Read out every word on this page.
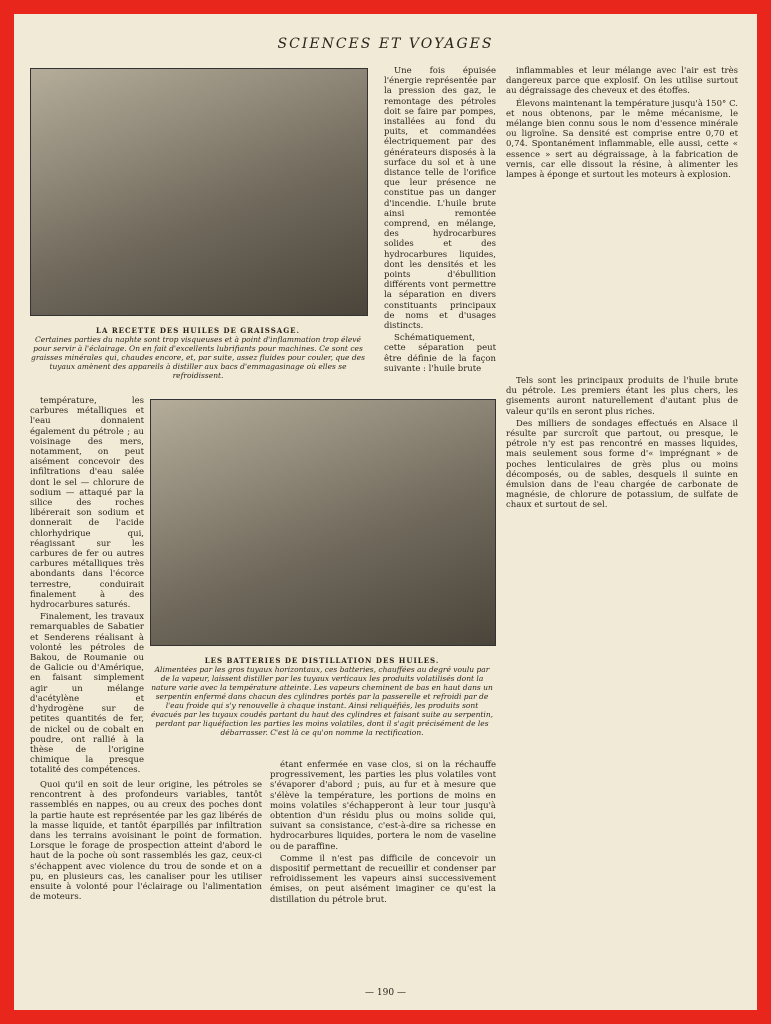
SCIENCES ET VOYAGES
LA RECETTE DES HUILES DE GRAISSAGE.
Certaines parties du naphte sont trop visqueuses et à point d'inflammation trop élevé pour servir à l'éclairage. On en fait d'excellents lubrifiants pour machines. Ce sont ces graisses minérales qui, chaudes encore, et, par suite, assez fluides pour couler, que des tuyaux amènent des appareils à distiller aux bacs d'emmagasinage où elles se refroidissent.

Une fois épuisée l'énergie représentée par la pression des gaz, le remontage des pétroles doit se faire par pompes, installées au fond du puits, et commandées électriquement par des générateurs disposés à la surface du sol et à une distance telle de l'orifice que leur présence ne constitue pas un danger d'incendie. L'huile brute ainsi remontée comprend, en mélange, des hydrocarbures solides et des hydrocarbures liquides, dont les densités et les points d'ébullition différents vont permettre la séparation en divers constituants principaux de noms et d'usages distincts.

Schématiquement, cette séparation peut être définie de la façon suivante : l'huile brute

inflammables et leur mélange avec l'air est très dangereux parce que explosif. On les utilise surtout au dégraissage des cheveux et des étoffes.

Élevons maintenant la température jusqu'à 150° C. et nous obtenons, par le même mécanisme, le mélange bien connu sous le nom d'essence minérale ou ligroïne. Sa densité est comprise entre 0,70 et 0,74. Spontanément inflammable, elle aussi, cette « essence » sert au dégraissage, à la fabrication de vernis, car elle dissout la résine, à alimenter les lampes à éponge et surtout les moteurs à explosion.

température, les carbures métalliques et l'eau donnaient également du pétrole ; au voisinage des mers, notamment, on peut aisément concevoir des infiltrations d'eau salée dont le sel — chlorure de sodium — attaqué par la silice des roches libérerait son sodium et donnerait de l'acide chlorhydrique qui, réagissant sur les carbures de fer ou autres carbures métalliques très abondants dans l'écorce terrestre, conduirait finalement à des hydrocarbures saturés.

Finalement, les travaux remarquables de Sabatier et Senderens réalisant à volonté les pétroles de Bakou, de Roumanie ou de Galicie ou d'Amérique, en faisant simplement agir un mélange d'acétylène et d'hydrogène sur de petites quantités de fer, de nickel ou de cobalt en poudre, ont rallié à la thèse de l'origine chimique la presque totalité des compétences.

LES BATTERIES DE DISTILLATION DES HUILES.
Alimentées par les gros tuyaux horizontaux, ces batteries, chauffées au degré voulu par de la vapeur, laissent distiller par les tuyaux verticaux les produits volatilisés dont la nature varie avec la température atteinte. Les vapeurs cheminent de bas en haut dans un serpentin enfermé dans chacun des cylindres portés par la passerelle et refroidi par de l'eau froide qui s'y renouvelle à chaque instant. Ainsi reliquéfiés, les produits sont évacués par les tuyaux coudés partant du haut des cylindres et faisant suite au serpentin, perdant par liquéfaction les parties les moins volatiles, dont il s'agit précisément de les débarrasser. C'est là ce qu'on nomme la rectification.

Tels sont les principaux produits de l'huile brute du pétrole. Les premiers étant les plus chers, les gisements auront naturellement d'autant plus de valeur qu'ils en seront plus riches.

Des milliers de sondages effectués en Alsace il résulte par surcroît que partout, ou presque, le pétrole n'y est pas rencontré en masses liquides, mais seulement sous forme d'« imprégnant » de poches lenticulaires de grès plus ou moins décomposés, ou de sables, desquels il suinte en émulsion dans de l'eau chargée de carbonate de magnésie, de chlorure de potassium, de sulfate de chaux et surtout de sel.

Quoi qu'il en soit de leur origine, les pétroles se rencontrent à des profondeurs variables, tantôt rassemblés en nappes, ou au creux des poches dont la partie haute est représentée par les gaz libérés de la masse liquide, et tantôt éparpillés par infiltration dans les terrains avoisinant le point de formation. Lorsque le forage de prospection atteint d'abord le haut de la poche où sont rassemblés les gaz, ceux-ci s'échappent avec violence du trou de sonde et on a pu, en plusieurs cas, les canaliser pour les utiliser ensuite à volonté pour l'éclairage ou l'alimentation de moteurs.

étant enfermée en vase clos, si on la réchauffe progressivement, les parties les plus volatiles vont s'évaporer d'abord ; puis, au fur et à mesure que s'élève la température, les portions de moins en moins volatiles s'échapperont à leur tour jusqu'à obtention d'un résidu plus ou moins solide qui, suivant sa consistance, c'est-à-dire sa richesse en hydrocarbures liquides, portera le nom de vaseline ou de paraffine.

Comme il n'est pas difficile de concevoir un dispositif permettant de recueillir et condenser par refroidissement les vapeurs ainsi successivement émises, on peut aisément imaginer ce qu'est la distillation du pétrole brut.

— 190 —
